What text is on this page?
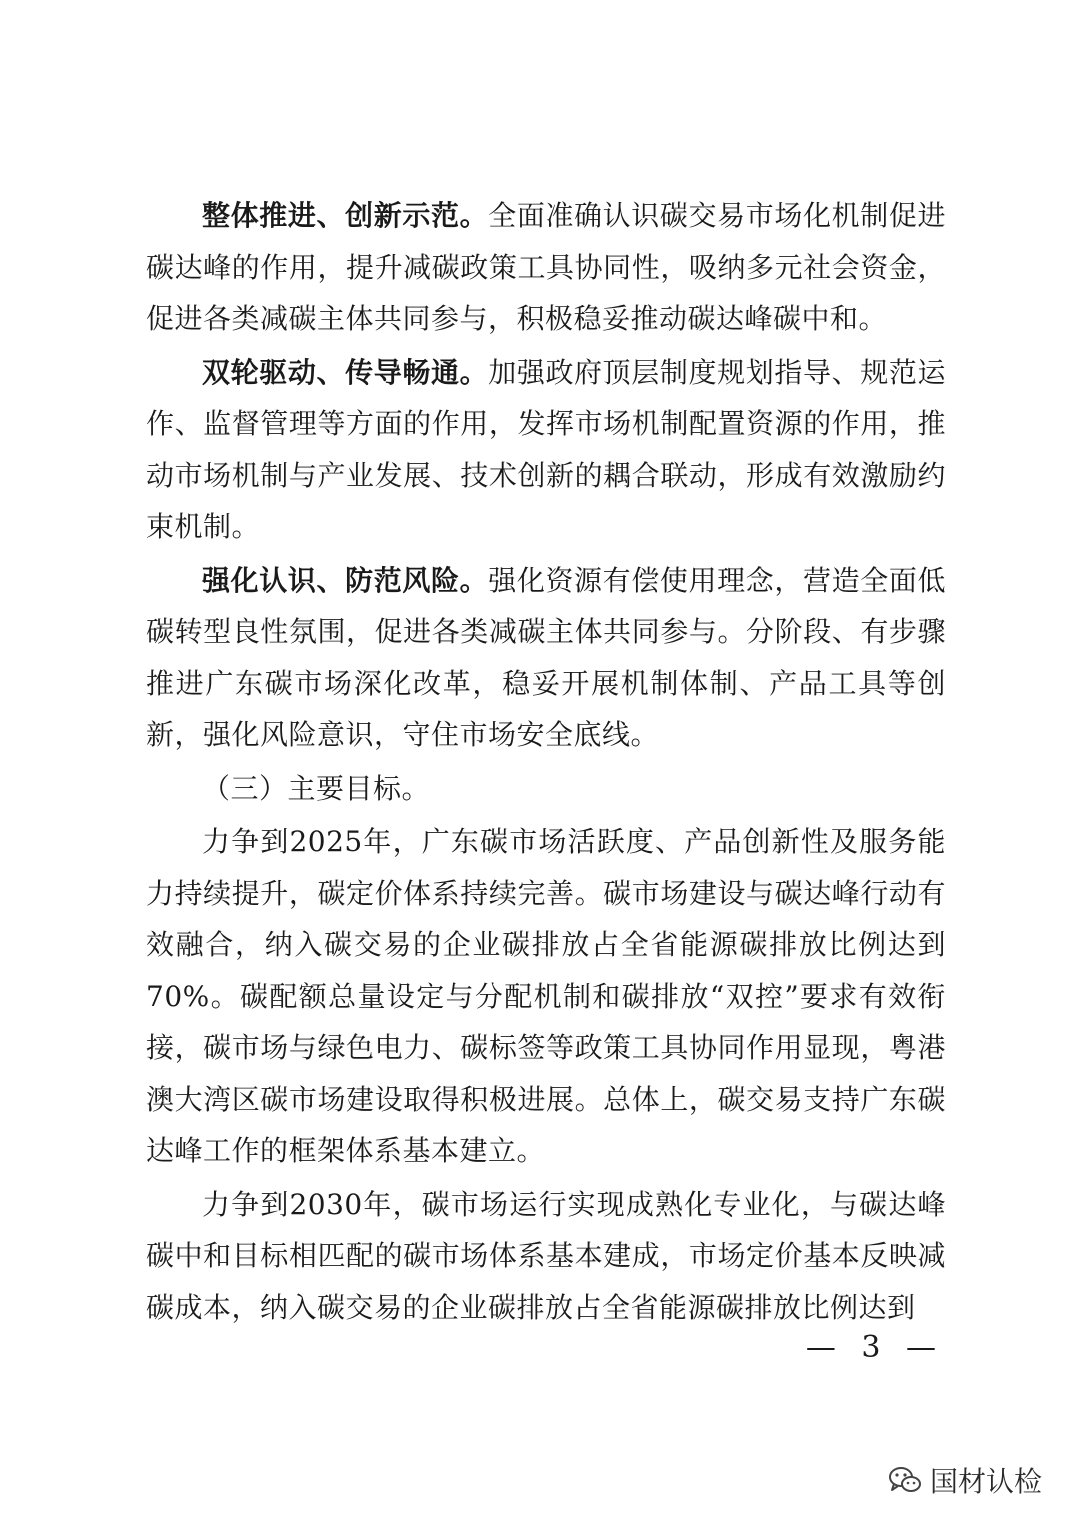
整体推进、创新示范。全面准确认识碳交易市场化机制促进碳达峰的作用，提升减碳政策工具协同性，吸纳多元社会资金，促进各类减碳主体共同参与，积极稳妥推动碳达峰碳中和。

双轮驱动、传导畅通。加强政府顶层制度规划指导、规范运作、监督管理等方面的作用，发挥市场机制配置资源的作用，推动市场机制与产业发展、技术创新的耦合联动，形成有效激励约束机制。

强化认识、防范风险。强化资源有偿使用理念，营造全面低碳转型良性氛围，促进各类减碳主体共同参与。分阶段、有步骤推进广东碳市场深化改革，稳妥开展机制体制、产品工具等创新，强化风险意识，守住市场安全底线。

（三）主要目标。

力争到2025年，广东碳市场活跃度、产品创新性及服务能力持续提升，碳定价体系持续完善。碳市场建设与碳达峰行动有效融合，纳入碳交易的企业碳排放占全省能源碳排放比例达到70%。碳配额总量设定与分配机制和碳排放“双控”要求有效衔接，碳市场与绿色电力、碳标签等政策工具协同作用显现，粤港澳大湾区碳市场建设取得积极进展。总体上，碳交易支持广东碳达峰工作的框架体系基本建立。

力争到2030年，碳市场运行实现成熟化专业化，与碳达峰碳中和目标相匹配的碳市场体系基本建成，市场定价基本反映减碳成本，纳入碳交易的企业碳排放占全省能源碳排放比例达到

— 3 —
国材认检
